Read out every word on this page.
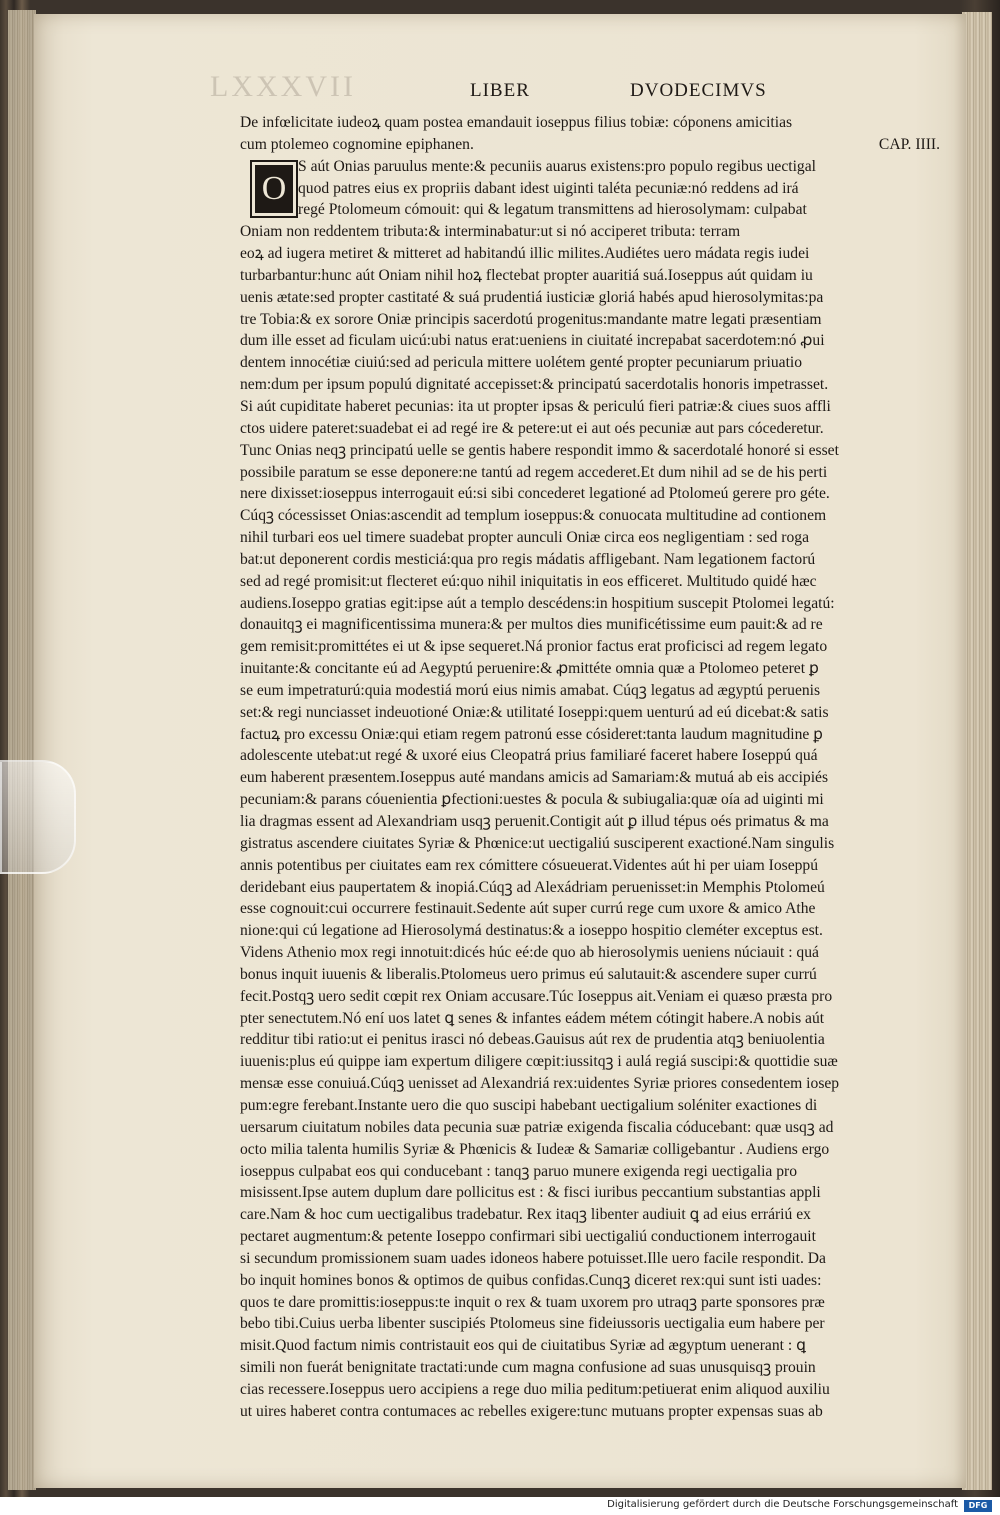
LXXXVII	LIBER	DVODECIMVS
O
De infœlicitate iudeoꝝ quam postea emandauit ioseppus filius tobiæ: cóponens amicitias
cum ptolemeo cognomine epiphanen.	CAP. IIII.
S aút Onias paruulus mente:& pecuniis auarus existens:pro populo regibus uectigal
quod patres eius ex propriis dabant idest uiginti taléta pecuniæ:nó reddens ad irá
regé Ptolomeum cómouit: qui & legatum transmittens ad hierosolymam: culpabat
Oniam non reddentem tributa:& interminabatur:ut si nó acciperet tributa: terram
eoꝝ ad iugera metiret & mitteret ad habitandú illic milites.Audiétes uero mádata regis iudei
turbarbantur:hunc aút Oniam nihil hoꝝ flectebat propter auaritiá suá.Ioseppus aút quidam iu
uenis ætate:sed propter castitaté & suá prudentiá iusticiæ gloriá habés apud hierosolymitas:pa
tre Tobia:& ex sorore Oniæ principis sacerdotú progenitus:mandante matre legati præsentiam
dum ille esset ad ficulam uicú:ubi natus erat:ueniens in ciuitaté increpabat sacerdotem:nó ꝓui
dentem innocétiæ ciuiú:sed ad pericula mittere uolétem genté propter pecuniarum priuatio
nem:dum per ipsum populú dignitaté accepisset:& principatú sacerdotalis honoris impetrasset.
Si aút cupiditate haberet pecunias: ita ut propter ipsas & periculú fieri patriæ:& ciues suos affli
ctos uidere pateret:suadebat ei ad regé ire & petere:ut ei aut oés pecuniæ aut pars cócederetur.
Tunc Onias neqꝫ principatú uelle se gentis habere respondit immo & sacerdotalé honoré si esset
possibile paratum se esse deponere:ne tantú ad regem accederet.Et dum nihil ad se de his perti
nere dixisset:ioseppus interrogauit eú:si sibi concederet legationé ad Ptolomeú gerere pro géte.
Cúqꝫ cócessisset Onias:ascendit ad templum ioseppus:& conuocata multitudine ad contionem
nihil turbari eos uel timere suadebat propter aunculi Oniæ circa eos negligentiam : sed roga
bat:ut deponerent cordis mesticiá:qua pro regis mádatis affligebant. Nam legationem factorú
sed ad regé promisit:ut flecteret eú:quo nihil iniquitatis in eos efficeret. Multitudo quidé hæc
audiens.Ioseppo gratias egit:ipse aút a templo descédens:in hospitium suscepit Ptolomei legatú:
donauitqꝫ ei magnificentissima munera:& per multos dies munificétissime eum pauit:& ad re
gem remisit:promittétes ei ut & ipse sequeret.Ná pronior factus erat proficisci ad regem legato
inuitante:& concitante eú ad Aegyptú peruenire:& ꝓmittéte omnia quæ a Ptolomeo peteret ꝑ
se eum impetraturú:quia modestiá morú eius nimis amabat. Cúqꝫ legatus ad ægyptú peruenis
set:& regi nunciasset indeuotioné Oniæ:& utilitaté Ioseppi:quem uenturú ad eú dicebat:& satis
factuꝝ pro excessu Oniæ:qui etiam regem patronú esse cósideret:tanta laudum magnitudine ꝑ
adolescente utebat:ut regé & uxoré eius Cleopatrá prius familiaré faceret habere Ioseppú quá
eum haberent præsentem.Ioseppus auté mandans amicis ad Samariam:& mutuá ab eis accipiés
pecuniam:& parans cóuenientia ꝑfectioni:uestes & pocula & subiugalia:quæ oía ad uiginti mi
lia dragmas essent ad Alexandriam usqꝫ peruenit.Contigit aút ꝑ illud tépus oés primatus & ma
gistratus ascendere ciuitates Syriæ & Phœnice:ut uectigaliú susciperent exactioné.Nam singulis
annis potentibus per ciuitates eam rex cómittere cósueuerat.Videntes aút hi per uiam Ioseppú
deridebant eius paupertatem & inopiá.Cúqꝫ ad Alexádriam peruenisset:in Memphis Ptolomeú
esse cognouit:cui occurrere festinauit.Sedente aút super currú rege cum uxore & amico Athe
nione:qui cú legatione ad Hierosolymá destinatus:& a ioseppo hospitio cleméter exceptus est.
Videns Athenio mox regi innotuit:dicés húc eé:de quo ab hierosolymis ueniens núciauit : quá
bonus inquit iuuenis & liberalis.Ptolomeus uero primus eú salutauit:& ascendere super currú
fecit.Postqꝫ uero sedit cœpit rex Oniam accusare.Túc Ioseppus ait.Veniam ei quæso præsta pro
pter senectutem.Nó ení uos latet ꝗ senes & infantes eádem métem cótingit habere.A nobis aút
redditur tibi ratio:ut ei penitus irasci nó debeas.Gauisus aút rex de prudentia atqꝫ beniuolentia
iuuenis:plus eú quippe iam expertum diligere cœpit:iussitqꝫ i aulá regiá suscipi:& quottidie suæ
mensæ esse conuiuá.Cúqꝫ uenisset ad Alexandriá rex:uidentes Syriæ priores consedentem iosep
pum:egre ferebant.Instante uero die quo suscipi habebant uectigalium soléniter exactiones di
uersarum ciuitatum nobiles data pecunia suæ patriæ exigenda fiscalia códucebant: quæ usqꝫ ad
octo milia talenta humilis Syriæ & Phœnicis & Iudeæ & Samariæ colligebantur . Audiens ergo
ioseppus culpabat eos qui conducebant : tanqꝫ paruo munere exigenda regi uectigalia pro
misissent.Ipse autem duplum dare pollicitus est : & fisci iuribus peccantium substantias appli
care.Nam & hoc cum uectigalibus tradebatur. Rex itaqꝫ libenter audiuit ꝗ ad eius erráriú ex
pectaret augmentum:& petente Ioseppo confirmari sibi uectigaliú conductionem interrogauit
si secundum promissionem suam uades idoneos habere potuisset.Ille uero facile respondit. Da
bo inquit homines bonos & optimos de quibus confidas.Cunqꝫ diceret rex:qui sunt isti uades:
quos te dare promittis:ioseppus:te inquit o rex & tuam uxorem pro utraqꝫ parte sponsores præ
bebo tibi.Cuius uerba libenter suscipiés Ptolomeus sine fideiussoris uectigalia eum habere per
misit.Quod factum nimis contristauit eos qui de ciuitatibus Syriæ ad ægyptum uenerant : ꝗ
simili non fuerát benignitate tractati:unde cum magna confusione ad suas unusquisqꝫ prouin
cias recessere.Ioseppus uero accipiens a rege duo milia peditum:petiuerat enim aliquod auxiliu
ut uires haberet contra contumaces ac rebelles exigere:tunc mutuans propter expensas suas ab
Digitalisierung gefördert durch die Deutsche Forschungsgemeinschaft	DFG
